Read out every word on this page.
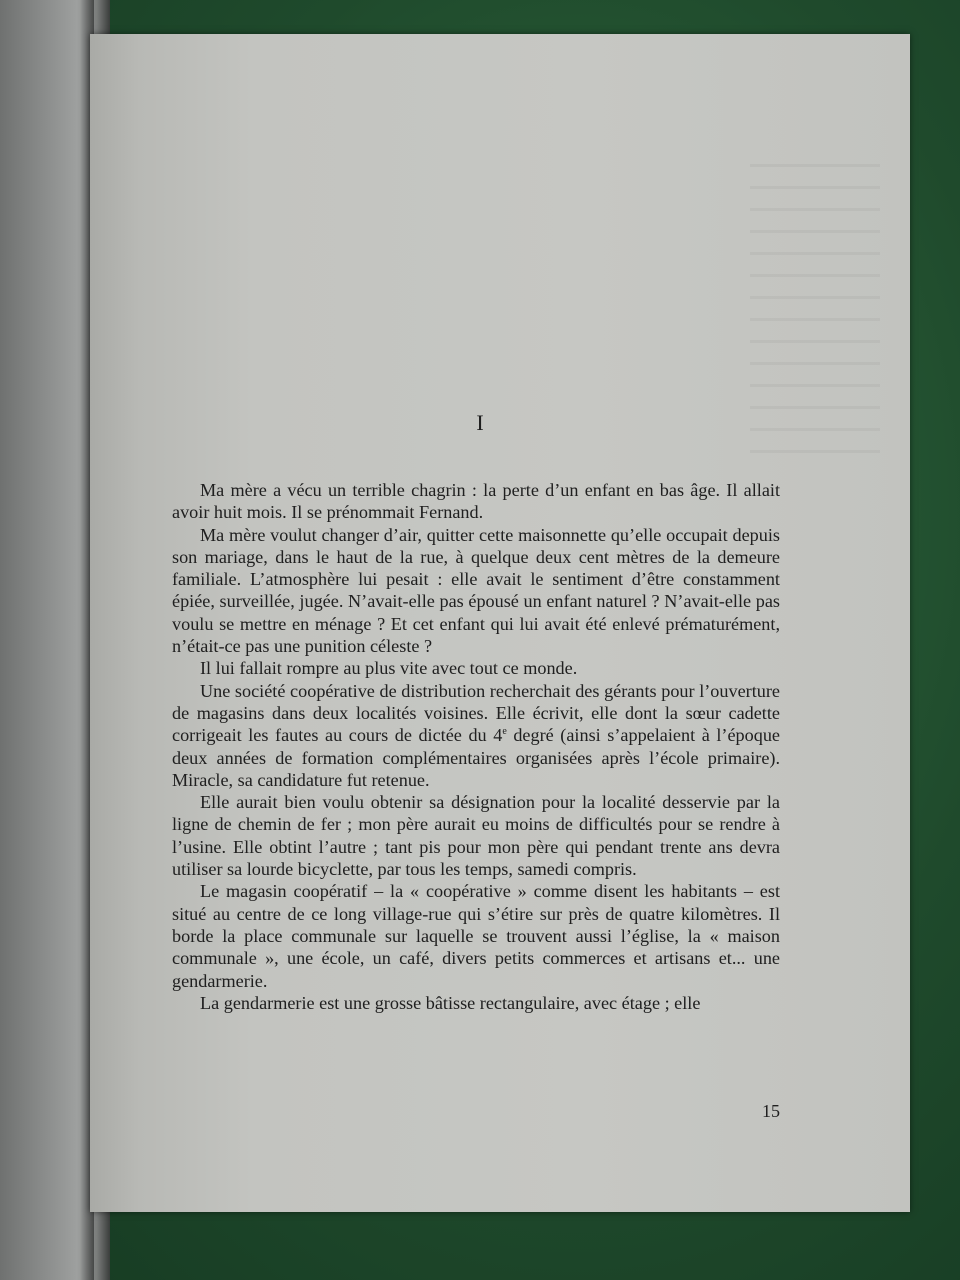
I

Ma mère a vécu un terrible chagrin : la perte d’un enfant en bas âge. Il allait avoir huit mois. Il se prénommait Fernand.

Ma mère voulut changer d’air, quitter cette maisonnette qu’elle occupait depuis son mariage, dans le haut de la rue, à quelque deux cent mètres de la demeure familiale. L’atmosphère lui pesait : elle avait le sentiment d’être constamment épiée, surveillée, jugée. N’avait-elle pas épousé un enfant naturel ? N’avait-elle pas voulu se mettre en ménage ? Et cet enfant qui lui avait été enlevé prématurément, n’était-ce pas une punition céleste ?

Il lui fallait rompre au plus vite avec tout ce monde.

Une société coopérative de distribution recherchait des gérants pour l’ouverture de magasins dans deux localités voisines. Elle écrivit, elle dont la sœur cadette corrigeait les fautes au cours de dictée du 4e degré (ainsi s’appelaient à l’époque deux années de formation complémentaires organisées après l’école primaire). Miracle, sa candidature fut retenue.

Elle aurait bien voulu obtenir sa désignation pour la localité desservie par la ligne de chemin de fer ; mon père aurait eu moins de difficultés pour se rendre à l’usine. Elle obtint l’autre ; tant pis pour mon père qui pendant trente ans devra utiliser sa lourde bicyclette, par tous les temps, samedi compris.

Le magasin coopératif – la « coopérative » comme disent les habitants – est situé au centre de ce long village-rue qui s’étire sur près de quatre kilomètres. Il borde la place communale sur laquelle se trouvent aussi l’église, la « maison communale », une école, un café, divers petits commerces et artisans et... une gendarmerie.

La gendarmerie est une grosse bâtisse rectangulaire, avec étage ; elle

15
